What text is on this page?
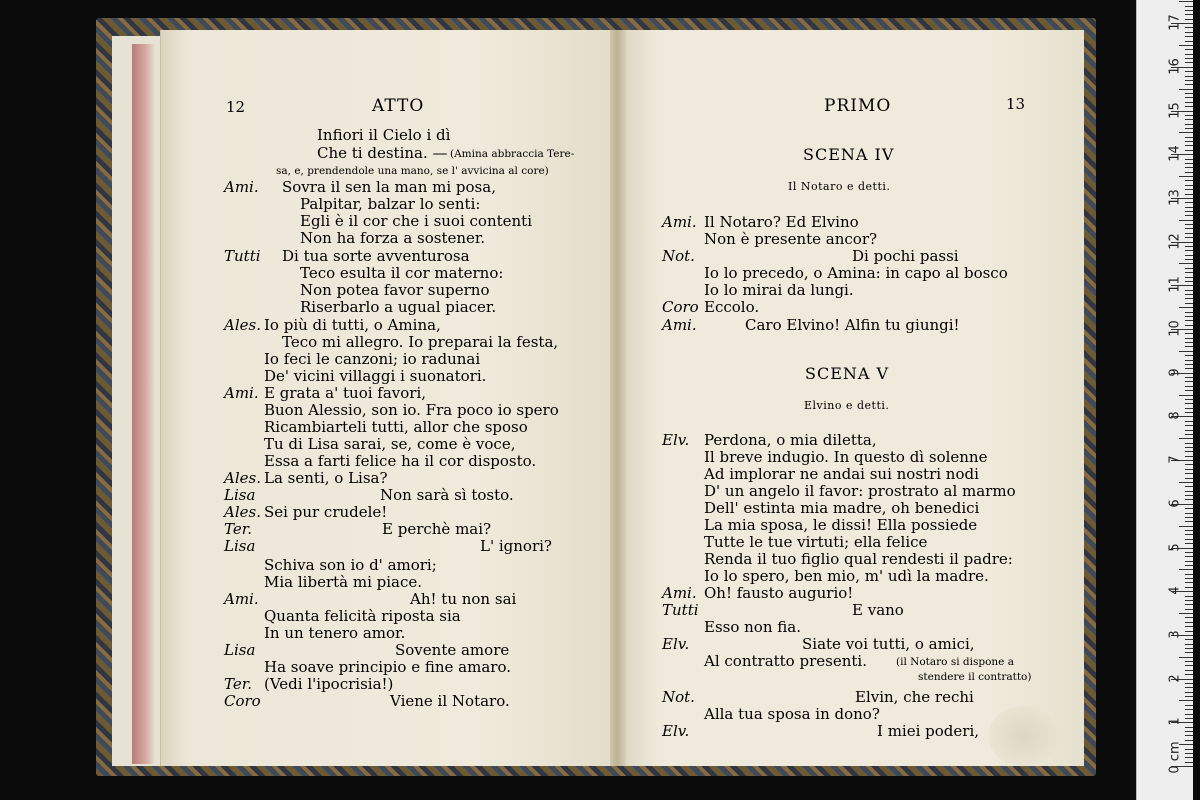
12	ATTO
Infiori il Cielo i dì
Che ti destina. — (Amina abbraccia Tere-
sa, e, prendendole una mano, se l' avvicina al core)
Ami. Sovra il sen la man mi posa,
Palpitar, balzar lo senti:
Egli è il cor che i suoi contenti
Non ha forza a sostener.
Tutti Di tua sorte avventurosa
Teco esulta il cor materno:
Non potea favor superno
Riserbarlo a ugual piacer.
Ales. Io più di tutti, o Amina,
Teco mi allegro. Io preparai la festa,
Io feci le canzoni; io radunai
De' vicini villaggi i suonatori.
Ami. E grata a' tuoi favori,
Buon Alessio, son io. Fra poco io spero
Ricambiarteli tutti, allor che sposo
Tu di Lisa sarai, se, come è voce,
Essa a farti felice ha il cor disposto.
Ales. La senti, o Lisa?
Lisa	Non sarà sì tosto.
Ales. Sei pur crudele!
Ter.	E perchè mai?
Lisa	L' ignori?
Schiva son io d' amori;
Mia libertà mi piace.
Ami.	Ah! tu non sai
Quanta felicità riposta sia
In un tenero amor.
Lisa	Sovente amore
Ha soave principio e fine amaro.
Ter. (Vedi l'ipocrisia!)
Coro	Viene il Notaro.
PRIMO	13
SCENA IV
Il Notaro e detti.
Ami. Il Notaro? Ed Elvino
Non è presente ancor?
Not.	Di pochi passi
Io lo precedo, o Amina: in capo al bosco
Io lo mirai da lungi.
Coro Eccolo.
Ami.	Caro Elvino! Alfin tu giungi!
SCENA V
Elvino e detti.
Elv. Perdona, o mia diletta,
Il breve indugio. In questo dì solenne
Ad implorar ne andai sui nostri nodi
D' un angelo il favor: prostrato al marmo
Dell' estinta mia madre, oh benedici
La mia sposa, le dissi! Ella possiede
Tutte le tue virtuti; ella felice
Renda il tuo figlio qual rendesti il padre:
Io lo spero, ben mio, m' udì la madre.
Ami. Oh! fausto augurio!
Tutti	E vano
Esso non fia.
Elv.	Siate voi tutti, o amici,
Al contratto presenti.	(il Notaro si dispone a
stendere il contratto)
Not.	Elvin, che rechi
Alla tua sposa in dono?
Elv.	I miei poderi,
0 cm
1
2
3
4
5
6
7
8
9
10
11
12
13
14
15
16
17
